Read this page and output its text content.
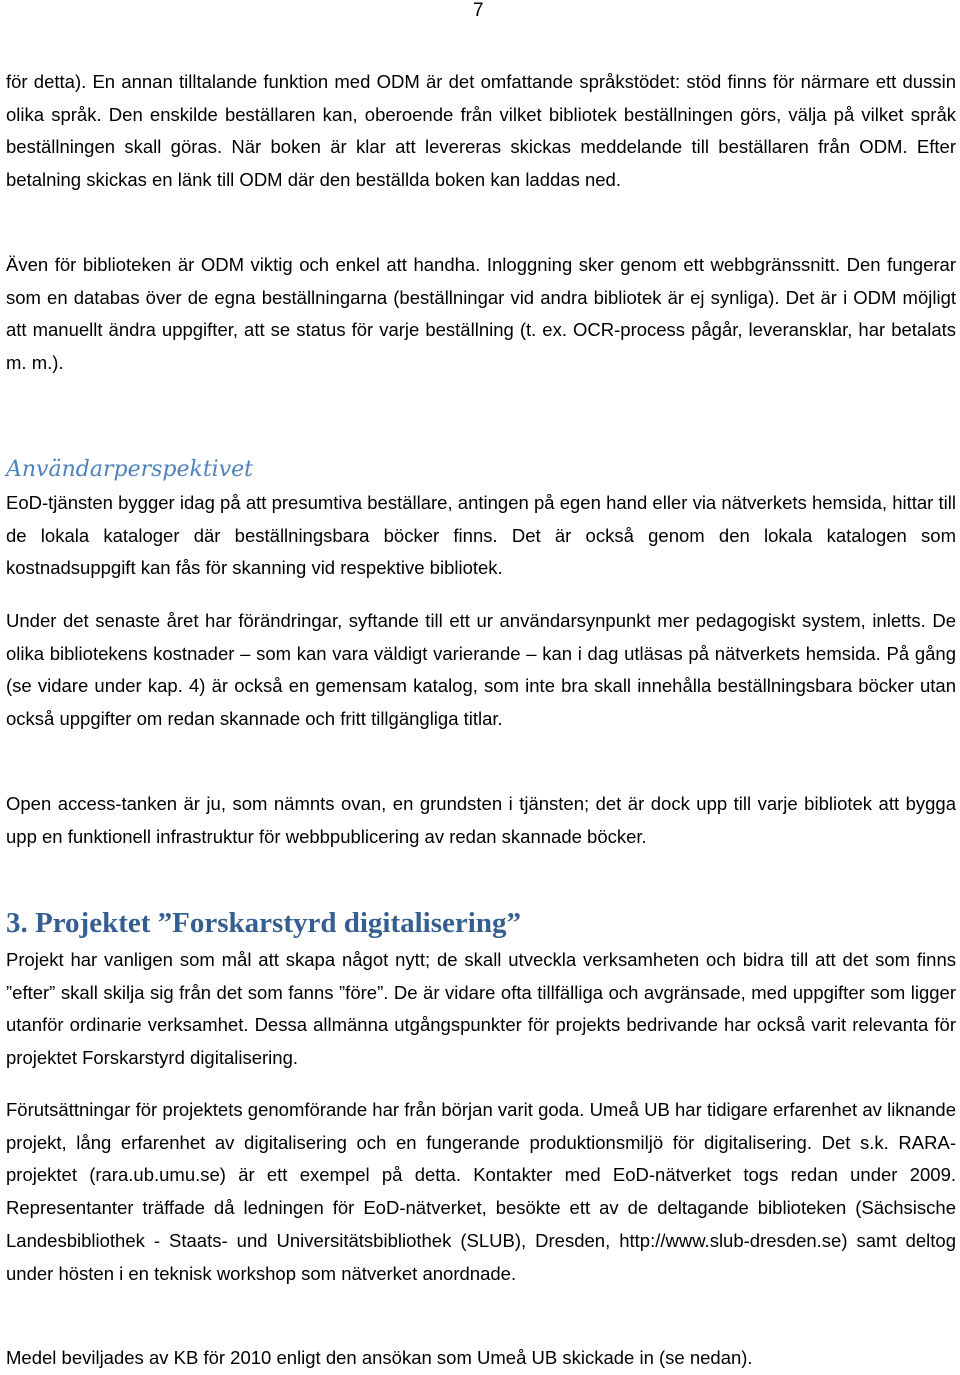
7

för detta). En annan tilltalande funktion med ODM är det omfattande språkstödet: stöd finns för närmare ett dussin olika språk. Den enskilde beställaren kan, oberoende från vilket bibliotek beställningen görs, välja på vilket språk beställningen skall göras. När boken är klar att levereras skickas meddelande till beställaren från ODM. Efter betalning skickas en länk till ODM där den beställda boken kan laddas ned.

Även för biblioteken är ODM viktig och enkel att handha. Inloggning sker genom ett webbgränssnitt. Den fungerar som en databas över de egna beställningarna (beställningar vid andra bibliotek är ej synliga). Det är i ODM möjligt att manuellt ändra uppgifter, att se status för varje beställning (t. ex. OCR-process pågår, leveransklar, har betalats m. m.).

Användarperspektivet

EoD-tjänsten bygger idag på att presumtiva beställare, antingen på egen hand eller via nätverkets hemsida, hittar till de lokala kataloger där beställningsbara böcker finns. Det är också genom den lokala katalogen som kostnadsuppgift kan fås för skanning vid respektive bibliotek.

Under det senaste året har förändringar, syftande till ett ur användarsynpunkt mer pedagogiskt system, inletts. De olika bibliotekens kostnader – som kan vara väldigt varierande – kan i dag utläsas på nätverkets hemsida. På gång (se vidare under kap. 4) är också en gemensam katalog, som inte bra skall innehålla beställningsbara böcker utan också uppgifter om redan skannade och fritt tillgängliga titlar.

Open access-tanken är ju, som nämnts ovan, en grundsten i tjänsten; det är dock upp till varje bibliotek att bygga upp en funktionell infrastruktur för webbpublicering av redan skannade böcker.

3. Projektet ”Forskarstyrd digitalisering”

Projekt har vanligen som mål att skapa något nytt; de skall utveckla verksamheten och bidra till att det som finns ”efter” skall skilja sig från det som fanns ”före”. De är vidare ofta tillfälliga och avgränsade, med uppgifter som ligger utanför ordinarie verksamhet. Dessa allmänna utgångspunkter för projekts bedrivande har också varit relevanta för projektet Forskarstyrd digitalisering.

Förutsättningar för projektets genomförande har från början varit goda. Umeå UB har tidigare erfarenhet av liknande projekt, lång erfarenhet av digitalisering och en fungerande produktionsmiljö för digitalisering. Det s.k. RARA-projektet (rara.ub.umu.se) är ett exempel på detta. Kontakter med EoD-nätverket togs redan under 2009. Representanter träffade då ledningen för EoD-nätverket, besökte ett av de deltagande biblioteken (Sächsische Landesbibliothek - Staats- und Universitätsbibliothek (SLUB), Dresden, http://www.slub-dresden.se) samt deltog under hösten i en teknisk workshop som nätverket anordnade.

Medel beviljades av KB för 2010 enligt den ansökan som Umeå UB skickade in (se nedan).
